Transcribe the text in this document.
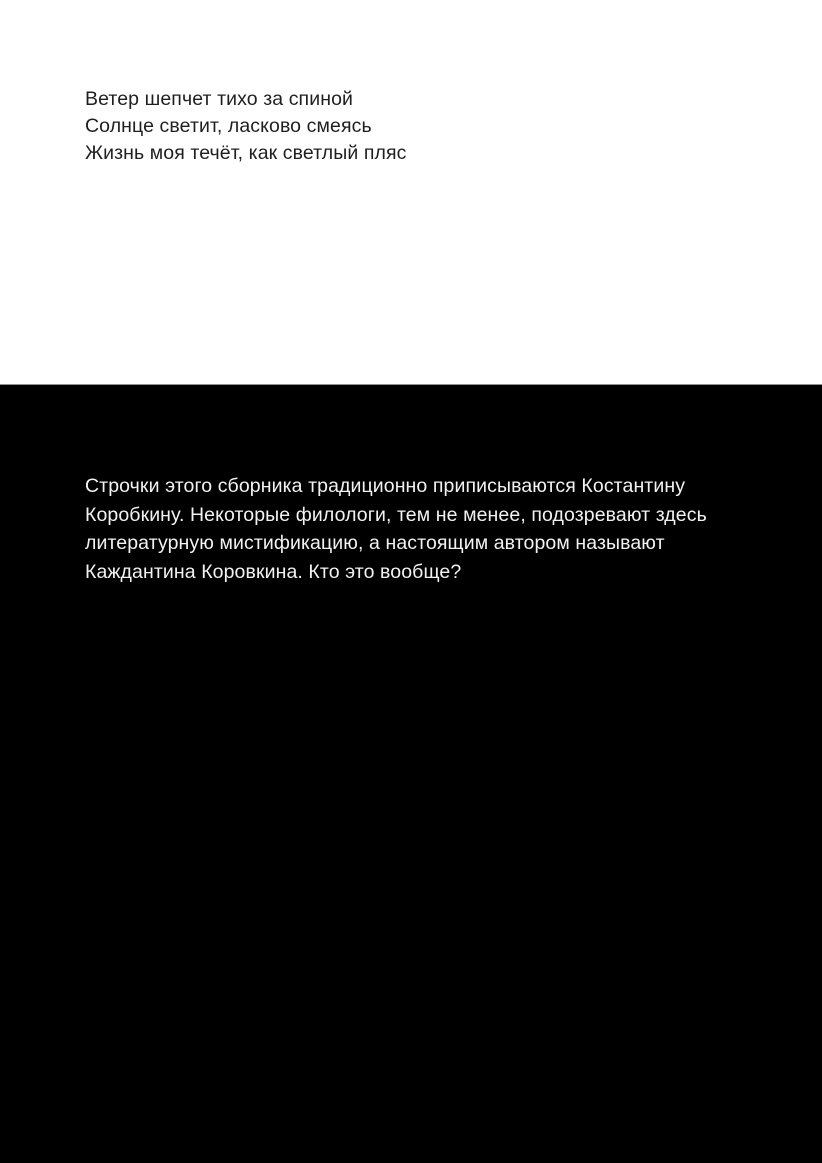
Ветер шепчет тихо за спиной
Солнце светит, ласково смеясь
Жизнь моя течёт, как светлый пляс
Строчки этого сборника традиционно приписываются Костантину
Коробкину. Некоторые филологи, тем не менее, подозревают здесь
литературную мистификацию, а настоящим автором называют
Каждантина Коровкина. Кто это вообще?
